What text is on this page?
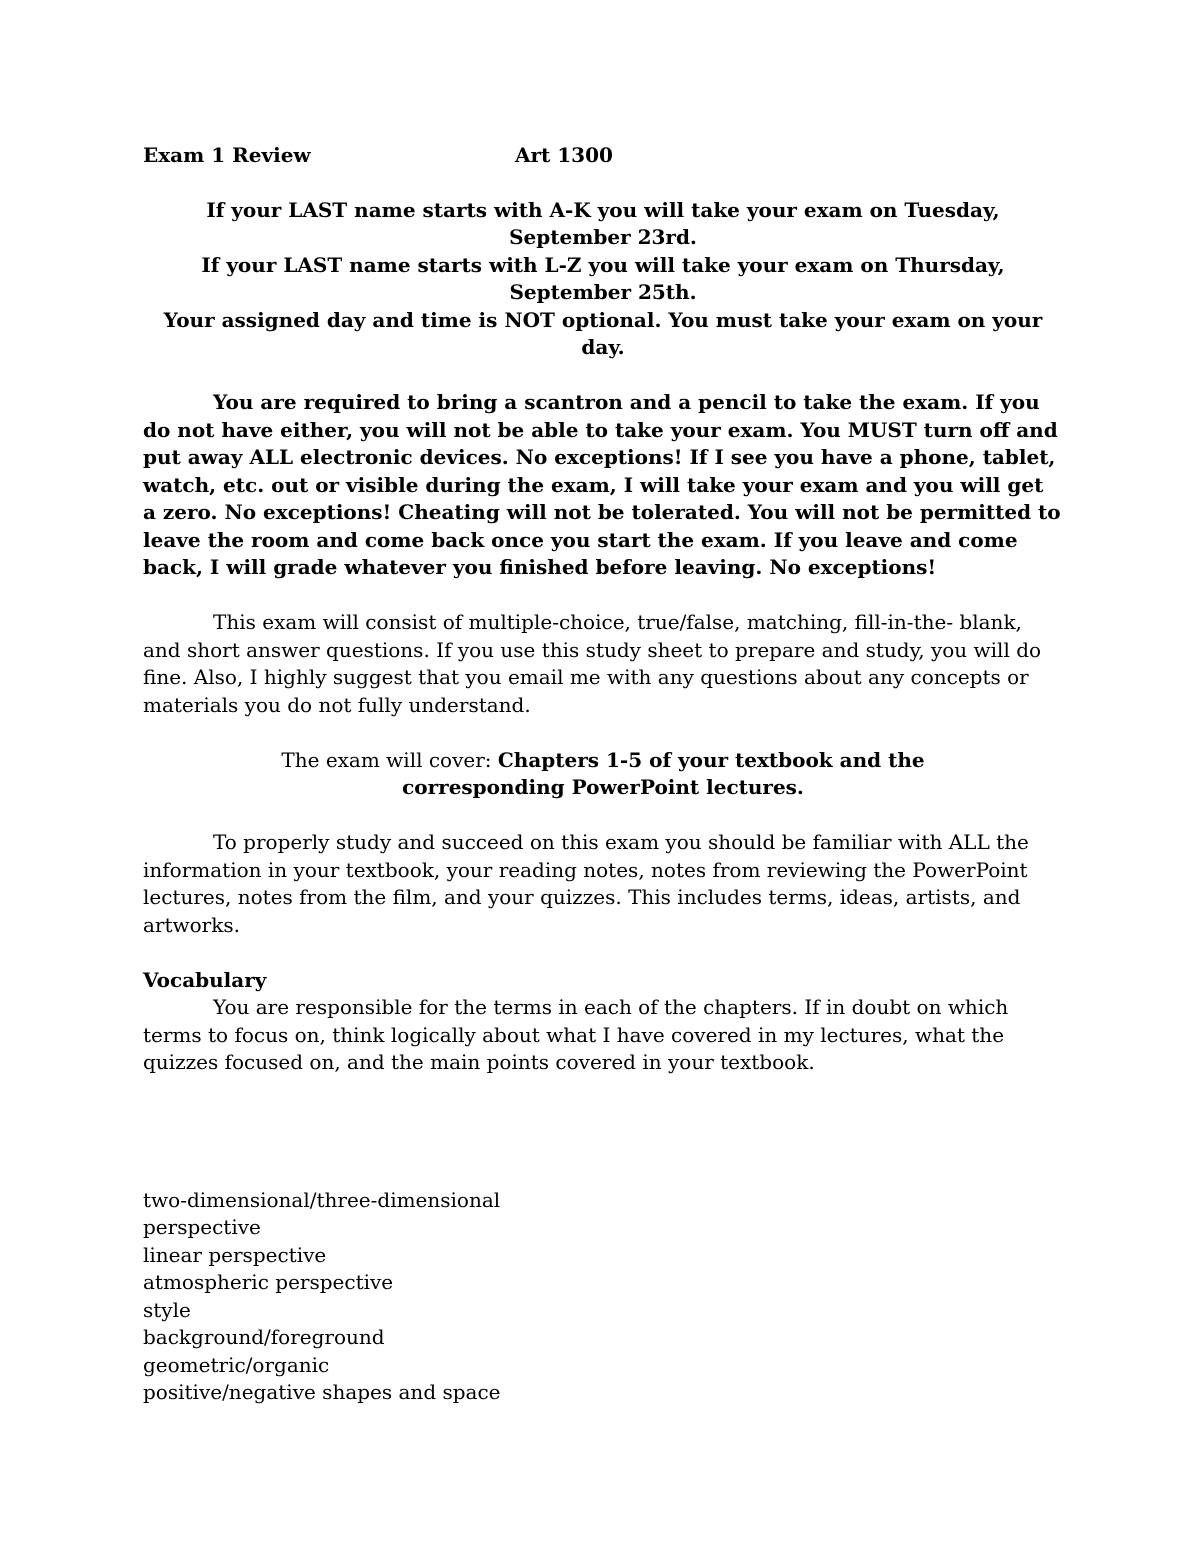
Exam 1 Review	Art 1300

If your LAST name starts with A-K you will take your exam on Tuesday, September 23rd.

If your LAST name starts with L-Z you will take your exam on Thursday, September 25th.

Your assigned day and time is NOT optional. You must take your exam on your day.

You are required to bring a scantron and a pencil to take the exam. If you do not have either, you will not be able to take your exam. You MUST turn off and put away ALL electronic devices. No exceptions! If I see you have a phone, tablet, watch, etc. out or visible during the exam, I will take your exam and you will get a zero. No exceptions! Cheating will not be tolerated. You will not be permitted to leave the room and come back once you start the exam. If you leave and come back, I will grade whatever you finished before leaving. No exceptions!

This exam will consist of multiple-choice, true/false, matching, fill-in-the- blank, and short answer questions. If you use this study sheet to prepare and study, you will do fine. Also, I highly suggest that you email me with any questions about any concepts or materials you do not fully understand.

The exam will cover: Chapters 1-5 of your textbook and the corresponding PowerPoint lectures.

To properly study and succeed on this exam you should be familiar with ALL the information in your textbook, your reading notes, notes from reviewing the PowerPoint lectures, notes from the film, and your quizzes. This includes terms, ideas, artists, and artworks.

Vocabulary

You are responsible for the terms in each of the chapters. If in doubt on which terms to focus on, think logically about what I have covered in my lectures, what the quizzes focused on, and the main points covered in your textbook.

two-dimensional/three-dimensional
perspective
linear perspective
atmospheric perspective
style
background/foreground
geometric/organic
positive/negative shapes and space
